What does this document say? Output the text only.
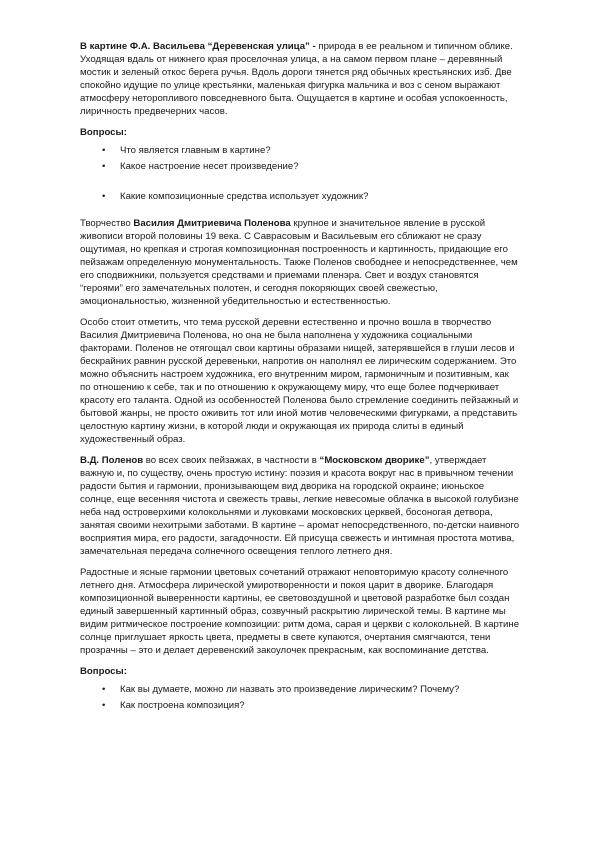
В картине Ф.А. Васильева “Деревенская улица” - природа в ее реальном и типичном облике. Уходящая вдаль от нижнего края проселочная улица, а на самом первом плане – деревянный мостик и зеленый откос берега ручья. Вдоль дороги тянется ряд обычных крестьянских изб. Две спокойно идущие по улице крестьянки, маленькая фигурка мальчика и воз с сеном выражают атмосферу неторопливого повседневного быта. Ощущается в картине и особая успокоенность, лиричность предвечерних часов.

Вопросы:
• Что является главным в картине?
• Какое настроение несет произведение?
• Какие композиционные средства использует художник?

Творчество Василия Дмитриевича Поленова крупное и значительное явление в русской живописи второй половины 19 века. С Саврасовым и Васильевым его сближают не сразу ощутимая, но крепкая и строгая композиционная построенность и картинность, придающие его пейзажам определенную монументальность. Также Поленов свободнее и непосредственнее, чем его сподвижники, пользуется средствами и приемами пленэра. Свет и воздух становятся “героями” его замечательных полотен, и сегодня покоряющих своей свежестью, эмоциональностью, жизненной убедительностью и естественностью.

Особо стоит отметить, что тема русской деревни естественно и прочно вошла в творчество Василия Дмитриевича Поленова, но она не была наполнена у художника социальными факторами. Поленов не отягощал свои картины образами нищей, затерявшейся в глуши лесов и бескрайних равнин русской деревеньки, напротив он наполнял ее лирическим содержанием. Это можно объяснить настроем художника, его внутренним миром, гармоничным и позитивным, как по отношению к себе, так и по отношению к окружающему миру, что еще более подчеркивает красоту его таланта. Одной из особенностей Поленова было стремление соединить пейзажный и бытовой жанры, не просто оживить тот или иной мотив человеческими фигурками, а представить целостную картину жизни, в которой люди и окружающая их природа слиты в единый художественный образ.

В.Д. Поленов во всех своих пейзажах, в частности в “Московском дворике”, утверждает важную и, по существу, очень простую истину: поэзия и красота вокруг нас в привычном течении радости бытия и гармонии, пронизывающем вид дворика на городской окраине; июньское солнце, еще весенняя чистота и свежесть травы, легкие невесомые облачка в высокой голубизне неба над островерхими колокольнями и луковками московских церквей, босоногая детвора, занятая своими нехитрыми заботами. В картине – аромат непосредственного, по-детски наивного восприятия мира, его радости, загадочности. Ей присуща свежесть и интимная простота мотива, замечательная передача солнечного освещения теплого летнего дня.

Радостные и ясные гармонии цветовых сочетаний отражают неповторимую красоту солнечного летнего дня. Атмосфера лирической умиротворенности и покоя царит в дворике. Благодаря композиционной выверенности картины, ее световоздушной и цветовой разработке был создан единый завершенный картинный образ, созвучный раскрытию лирической темы. В картине мы видим ритмическое построение композиции: ритм дома, сарая и церкви с колокольней. В картине солнце приглушает яркость цвета, предметы в свете купаются, очертания смягчаются, тени прозрачны – это и делает деревенский закоулочек прекрасным, как воспоминание детства.

Вопросы:
• Как вы думаете, можно ли назвать это произведение лирическим? Почему?
• Как построена композиция?
